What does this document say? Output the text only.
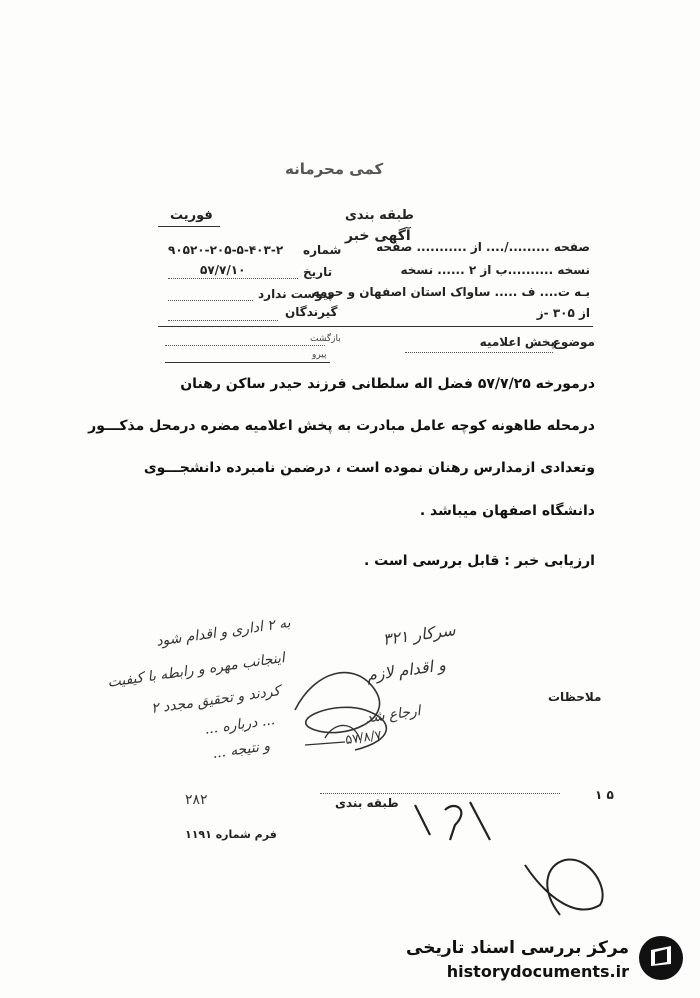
کمی محرمانه
طبقه بندی
آگهی خبر
فوریت
صفحه ........./.... از ........... صفحه
نسخه ..........ب از ۲ ...... نسخه
بـه ت.... ف ..... ساواک استان اصفهان و حومه
از ۳۰۵ -ز
شماره
۹۰۵۲۰-۲۰۵-۵-۴۰۳-۲
تاریخ
۵۷/۷/۱۰
پیوست ندارد
گیرندگان
موضوع
پخش اعلامیه
بازگشت
پیرو
درمورخه ۵۷/۷/۲۵ فضل اله سلطانی فرزند حیدر ساکن رهنان
درمحله طاهونه کوچه عامل مبادرت به پخش اعلامیه مضره درمحل مذکـــور
وتعدادی ازمدارس رهنان نموده است ، درضمن نامبرده دانشجـــوی
دانشگاه اصفهان میباشد .
ارزیابی خبر : قابل بررسی است .
ملاحظات
به ۲ اداری و اقدام شود
اینجانب مهره و رابطه با کیفیت
کردند و تحقیق مجدد ۲
... درباره ...
و نتیجه ...
سرکار ۳۲۱
و اقدام لازم
ارجاع شد
۵۷/۸/۷
طبقه بندی
۱ ۵
فرم شماره ۱۱۹۱
۲۸۲
مرکز بررسی اسناد تاریخی
historydocuments.ir
